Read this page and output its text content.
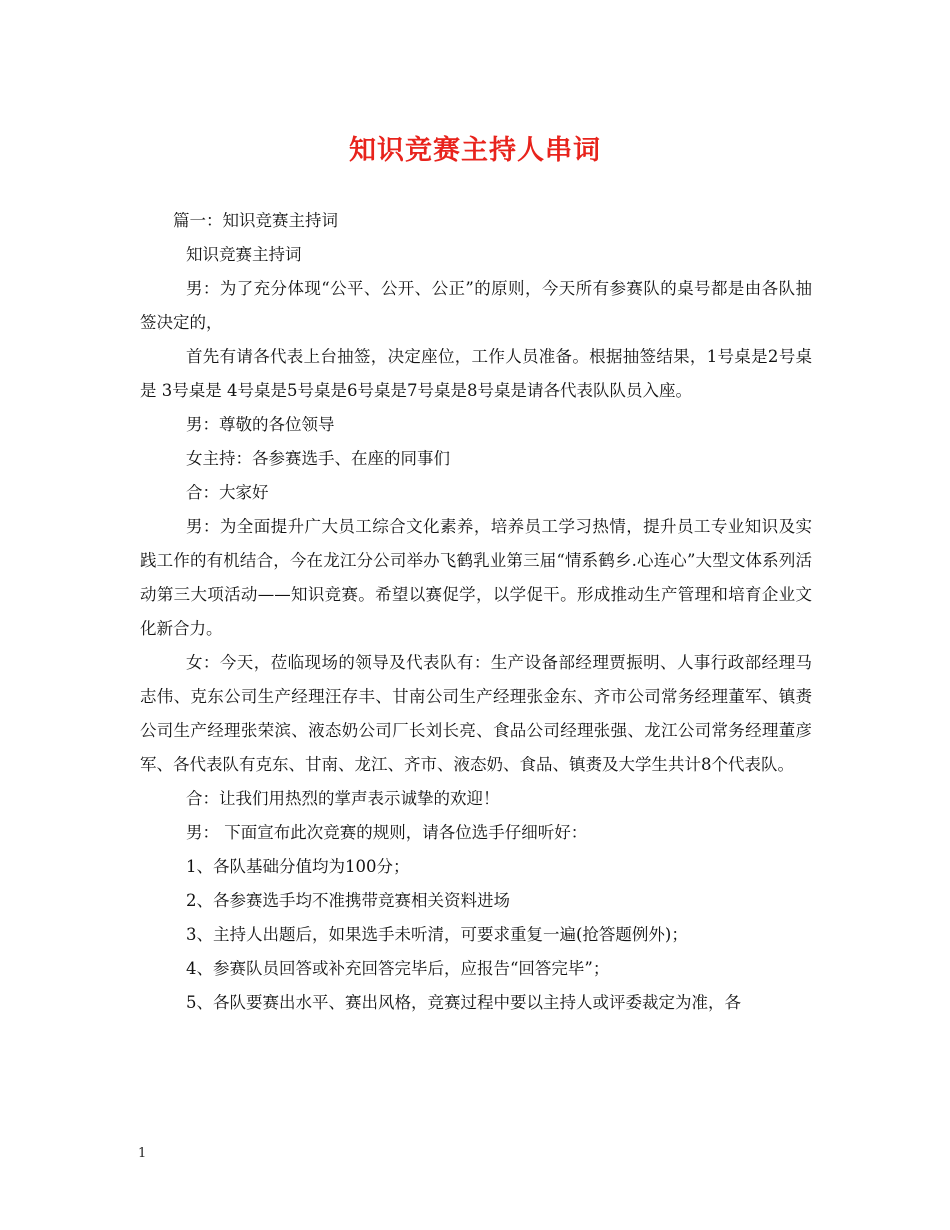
知识竞赛主持人串词

篇一：知识竞赛主持词

知识竞赛主持词

男：为了充分体现“公平、公开、公正”的原则，今天所有参赛队的桌号都是由各队抽签决定的，

首先有请各代表上台抽签，决定座位，工作人员准备。根据抽签结果，1号桌是2号桌是 3号桌是 4号桌是5号桌是6号桌是7号桌是8号桌是请各代表队队员入座。

男：尊敬的各位领导

女主持：各参赛选手、在座的同事们

合：大家好

男：为全面提升广大员工综合文化素养，培养员工学习热情，提升员工专业知识及实践工作的有机结合，今在龙江分公司举办飞鹤乳业第三届“情系鹤乡.心连心”大型文体系列活动第三大项活动——知识竞赛。希望以赛促学，以学促干。形成推动生产管理和培育企业文化新合力。

女：今天，莅临现场的领导及代表队有：生产设备部经理贾振明、人事行政部经理马志伟、克东公司生产经理汪存丰、甘南公司生产经理张金东、齐市公司常务经理董军、镇赉公司生产经理张荣滨、液态奶公司厂长刘长亮、食品公司经理张强、龙江公司常务经理董彦军、各代表队有克东、甘南、龙江、齐市、液态奶、食品、镇赉及大学生共计8个代表队。

合：让我们用热烈的掌声表示诚挚的欢迎！

男： 下面宣布此次竞赛的规则，请各位选手仔细听好：

1、各队基础分值均为100分；

2、各参赛选手均不准携带竞赛相关资料进场

3、主持人出题后，如果选手未听清，可要求重复一遍(抢答题例外)；

4、参赛队员回答或补充回答完毕后，应报告“回答完毕”；

5、各队要赛出水平、赛出风格，竞赛过程中要以主持人或评委裁定为准，各

1
